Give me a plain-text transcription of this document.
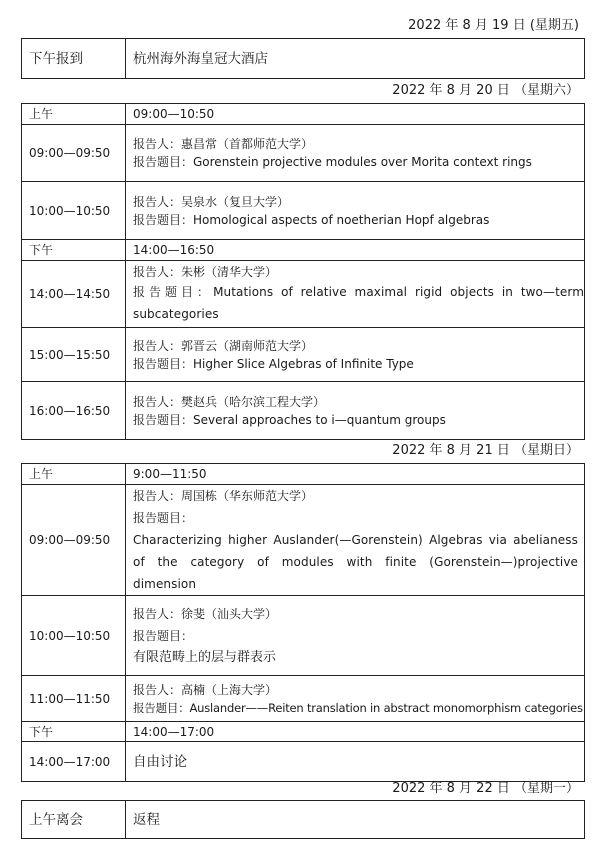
2022 年 8 月 19 日 (星期五)
下午报到	杭州海外海皇冠大酒店
2022 年 8 月 20 日 （星期六）
上午	09:00—10:50

09:00—09:50	报告人：惠昌常（首都师范大学）
报告题目：Gorenstein projective modules over Morita context rings

10:00—10:50	报告人：吴泉水（复旦大学）
报告题目：Homological aspects of noetherian Hopf algebras

下午	14:00—16:50

14:00—14:50	报告人：朱彬（清华大学）
报告题目：Mutations of relative maximal rigid objects in two—term subcategories

15:00—15:50	报告人：郭晋云（湖南师范大学）
报告题目：Higher Slice Algebras of Infinite Type

16:00—16:50	报告人：樊赵兵（哈尔滨工程大学）
报告题目：Several approaches to i—quantum groups
2022 年 8 月 21 日 （星期日）
上午	9:00—11:50

09:00—09:50	报告人：周国栋（华东师范大学）
报告题目：
Characterizing higher Auslander(—Gorenstein) Algebras via abelianess of the category of modules with finite (Gorenstein—)projective dimension

10:00—10:50	报告人：徐斐（汕头大学）
报告题目：
有限范畴上的层与群表示

11:00—11:50	报告人：高楠（上海大学）
报告题目：Auslander——Reiten translation in abstract monomorphism categories

下午	14:00—17:00

14:00—17:00	自由讨论
2022 年 8 月 22 日 （星期一）
上午离会	返程
